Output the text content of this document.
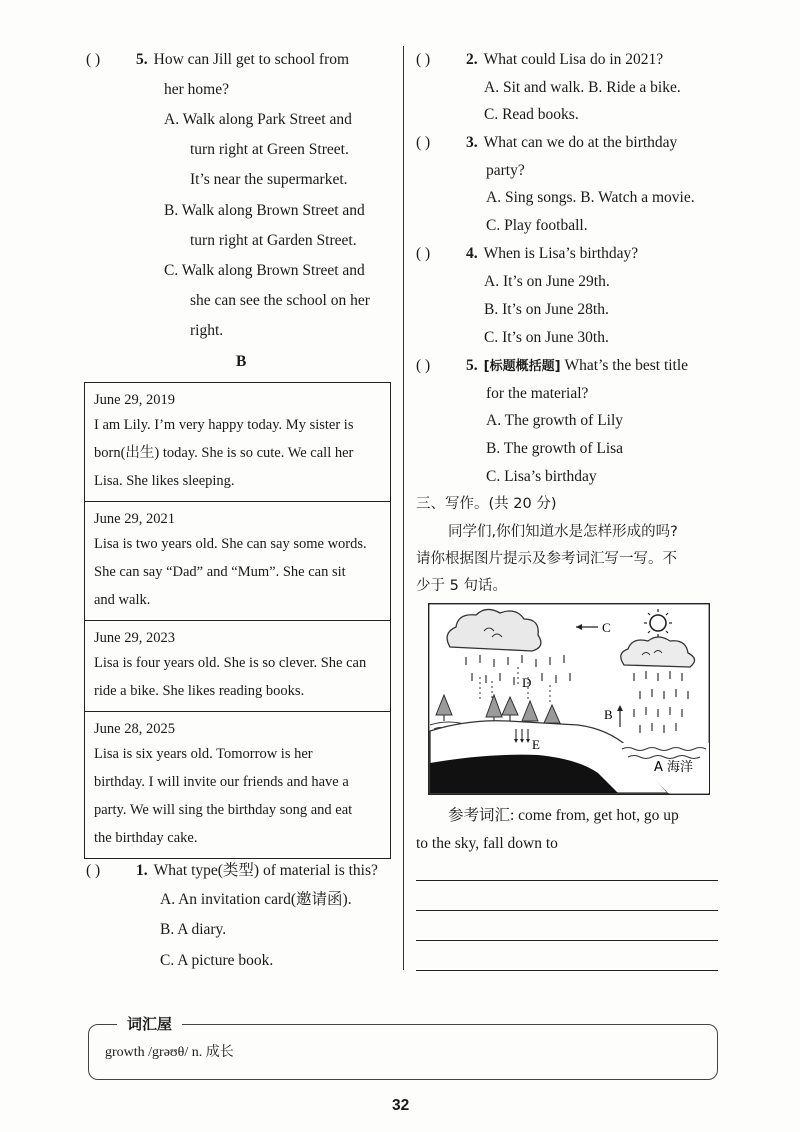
( )	5. How can Jill get to school from
her home?
A. Walk along Park Street and
turn right at Green Street.
It’s near the supermarket.
B. Walk along Brown Street and
turn right at Garden Street.
C. Walk along Brown Street and
she can see the school on her
right.
B
June 29, 2019
I am Lily. I’m very happy today. My sister is
born(出生) today. She is so cute. We call her
Lisa. She likes sleeping.
June 29, 2021
Lisa is two years old. She can say some words.
She can say “Dad” and “Mum”. She can sit
and walk.
June 29, 2023
Lisa is four years old. She is so clever. She can
ride a bike. She likes reading books.
June 28, 2025
Lisa is six years old. Tomorrow is her
birthday. I will invite our friends and have a
party. We will sing the birthday song and eat
the birthday cake.
( )	1. What type(类型) of material is this?
A. An invitation card(邀请函).
B. A diary.
C. A picture book.
( )	2. What could Lisa do in 2021?
A. Sit and walk. B. Ride a bike.
C. Read books.
( )	3. What can we do at the birthday
party?
A. Sing songs. B. Watch a movie.
C. Play football.
( )	4. When is Lisa’s birthday?
A. It’s on June 29th.
B. It’s on June 28th.
C. It’s on June 30th.
( )	5. [标题概括题] What’s the best title
for the material?
A. The growth of Lily
B. The growth of Lisa
C. Lisa’s birthday
三、写作。(共 20 分)
同学们,你们知道水是怎样形成的吗?
请你根据图片提示及参考词汇写一写。不
少于 5 句话。
C
D
B
E
A 海洋
参考词汇: come from, get hot, go up
to the sky, fall down to
词汇屋
growth /grəʊθ/ n. 成长
32
